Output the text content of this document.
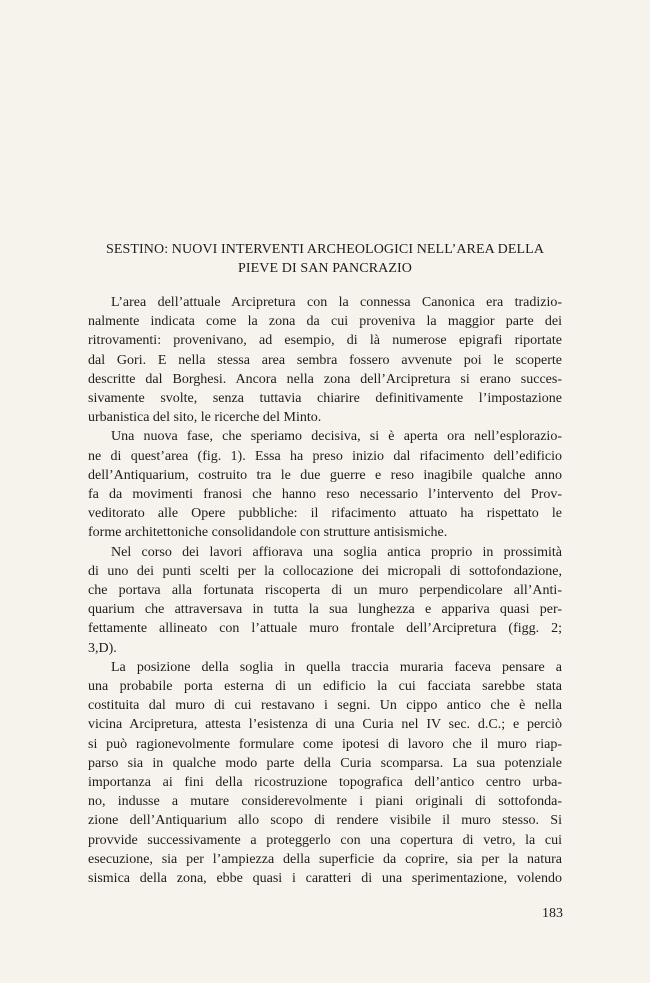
SESTINO: NUOVI INTERVENTI ARCHEOLOGICI NELL’AREA DELLA
PIEVE DI SAN PANCRAZIO
L’area dell’attuale Arcipretura con la connessa Canonica era tradizio-
nalmente indicata come la zona da cui proveniva la maggior parte dei
ritrovamenti: provenivano, ad esempio, di là numerose epigrafi riportate
dal Gori. E nella stessa area sembra fossero avvenute poi le scoperte
descritte dal Borghesi. Ancora nella zona dell’Arcipretura si erano succes-
sivamente svolte, senza tuttavia chiarire definitivamente l’impostazione
urbanistica del sito, le ricerche del Minto.
Una nuova fase, che speriamo decisiva, si è aperta ora nell’esplorazio-
ne di quest’area (fig. 1). Essa ha preso inizio dal rifacimento dell’edificio
dell’Antiquarium, costruito tra le due guerre e reso inagibile qualche anno
fa da movimenti franosi che hanno reso necessario l’intervento del Prov-
veditorato alle Opere pubbliche: il rifacimento attuato ha rispettato le
forme architettoniche consolidandole con strutture antisismiche.
Nel corso dei lavori affiorava una soglia antica proprio in prossimità
di uno dei punti scelti per la collocazione dei micropali di sottofondazione,
che portava alla fortunata riscoperta di un muro perpendicolare all’Anti-
quarium che attraversava in tutta la sua lunghezza e appariva quasi per-
fettamente allineato con l’attuale muro frontale dell’Arcipretura (figg. 2;
3,D).
La posizione della soglia in quella traccia muraria faceva pensare a
una probabile porta esterna di un edificio la cui facciata sarebbe stata
costituita dal muro di cui restavano i segni. Un cippo antico che è nella
vicina Arcipretura, attesta l’esistenza di una Curia nel IV sec. d.C.; e perciò
si può ragionevolmente formulare come ipotesi di lavoro che il muro riap-
parso sia in qualche modo parte della Curia scomparsa. La sua potenziale
importanza ai fini della ricostruzione topografica dell’antico centro urba-
no, indusse a mutare considerevolmente i piani originali di sottofonda-
zione dell’Antiquarium allo scopo di rendere visibile il muro stesso. Si
provvide successivamente a proteggerlo con una copertura di vetro, la cui
esecuzione, sia per l’ampiezza della superficie da coprire, sia per la natura
sismica della zona, ebbe quasi i caratteri di una sperimentazione, volendo
183
